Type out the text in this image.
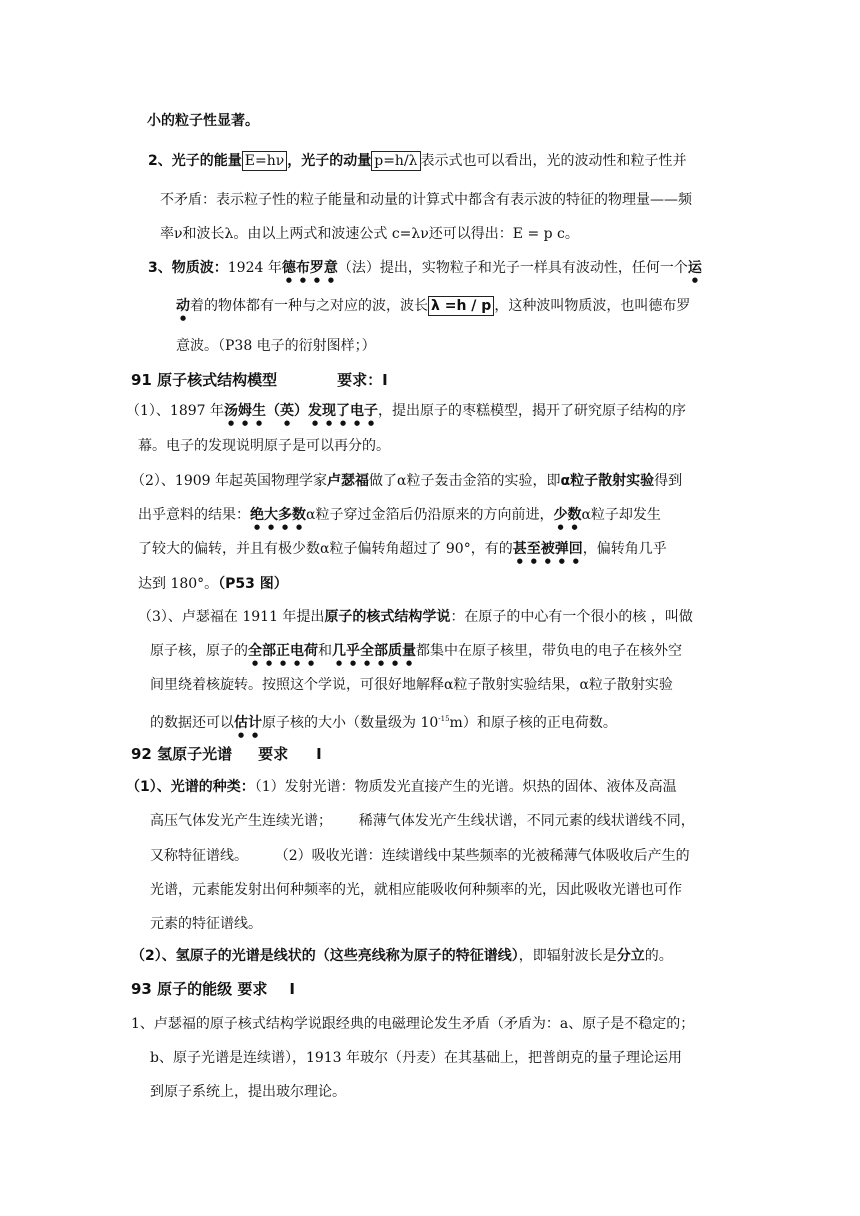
小的粒子性显著。
2、光子的能量 E=hν ，光子的动量 p=h/λ 表示式也可以看出，光的波动性和粒子性并
不矛盾：表示粒子性的粒子能量和动量的计算式中都含有表示波的特征的物理量——频
率ν和波长λ。由以上两式和波速公式 c=λν还可以得出：E = p c。
3、物质波：1924 年德布罗意（法）提出，实物粒子和光子一样具有波动性，任何一个运
动着的物体都有一种与之对应的波，波长 λ =h / p ，这种波叫物质波，也叫德布罗
意波。（P38 电子的衍射图样；）
91 原子核式结构模型	要求：Ⅰ
（1）、1897 年汤姆生（英）发现了电子，提出原子的枣糕模型，揭开了研究原子结构的序
幕。电子的发现说明原子是可以再分的。
（2）、1909 年起英国物理学家卢瑟福做了α粒子轰击金箔的实验，即α粒子散射实验得到
出乎意料的结果：绝大多数α粒子穿过金箔后仍沿原来的方向前进，少数α粒子却发生
了较大的偏转，并且有极少数α粒子偏转角超过了 90°，有的甚至被弹回，偏转角几乎
达到 180°。（P53 图）
（3）、卢瑟福在 1911 年提出原子的核式结构学说：在原子的中心有一个很小的核 ，叫做
原子核，原子的全部正电荷和几乎全部质量都集中在原子核里，带负电的电子在核外空
间里绕着核旋转。按照这个学说，可很好地解释α粒子散射实验结果，α粒子散射实验
的数据还可以估计原子核的大小（数量级为 $10^{-15}m$）和原子核的正电荷数。
92 氢原子光谱 要求 Ⅰ
（1）、光谱的种类：（1）发射光谱：物质发光直接产生的光谱。炽热的固体、液体及高温
高压气体发光产生连续光谱；      稀薄气体发光产生线状谱，不同元素的线状谱线不同，
又称特征谱线。      （2）吸收光谱：连续谱线中某些频率的光被稀薄气体吸收后产生的
光谱，元素能发射出何种频率的光，就相应能吸收何种频率的光，因此吸收光谱也可作
元素的特征谱线。
（2）、氢原子的光谱是线状的（这些亮线称为原子的特征谱线），即辐射波长是分立的。
93 原子的能级 要求 Ⅰ
1、卢瑟福的原子核式结构学说跟经典的电磁理论发生矛盾（矛盾为：a、原子是不稳定的；
b、原子光谱是连续谱），1913 年玻尔（丹麦）在其基础上，把普朗克的量子理论运用
到原子系统上，提出玻尔理论。
